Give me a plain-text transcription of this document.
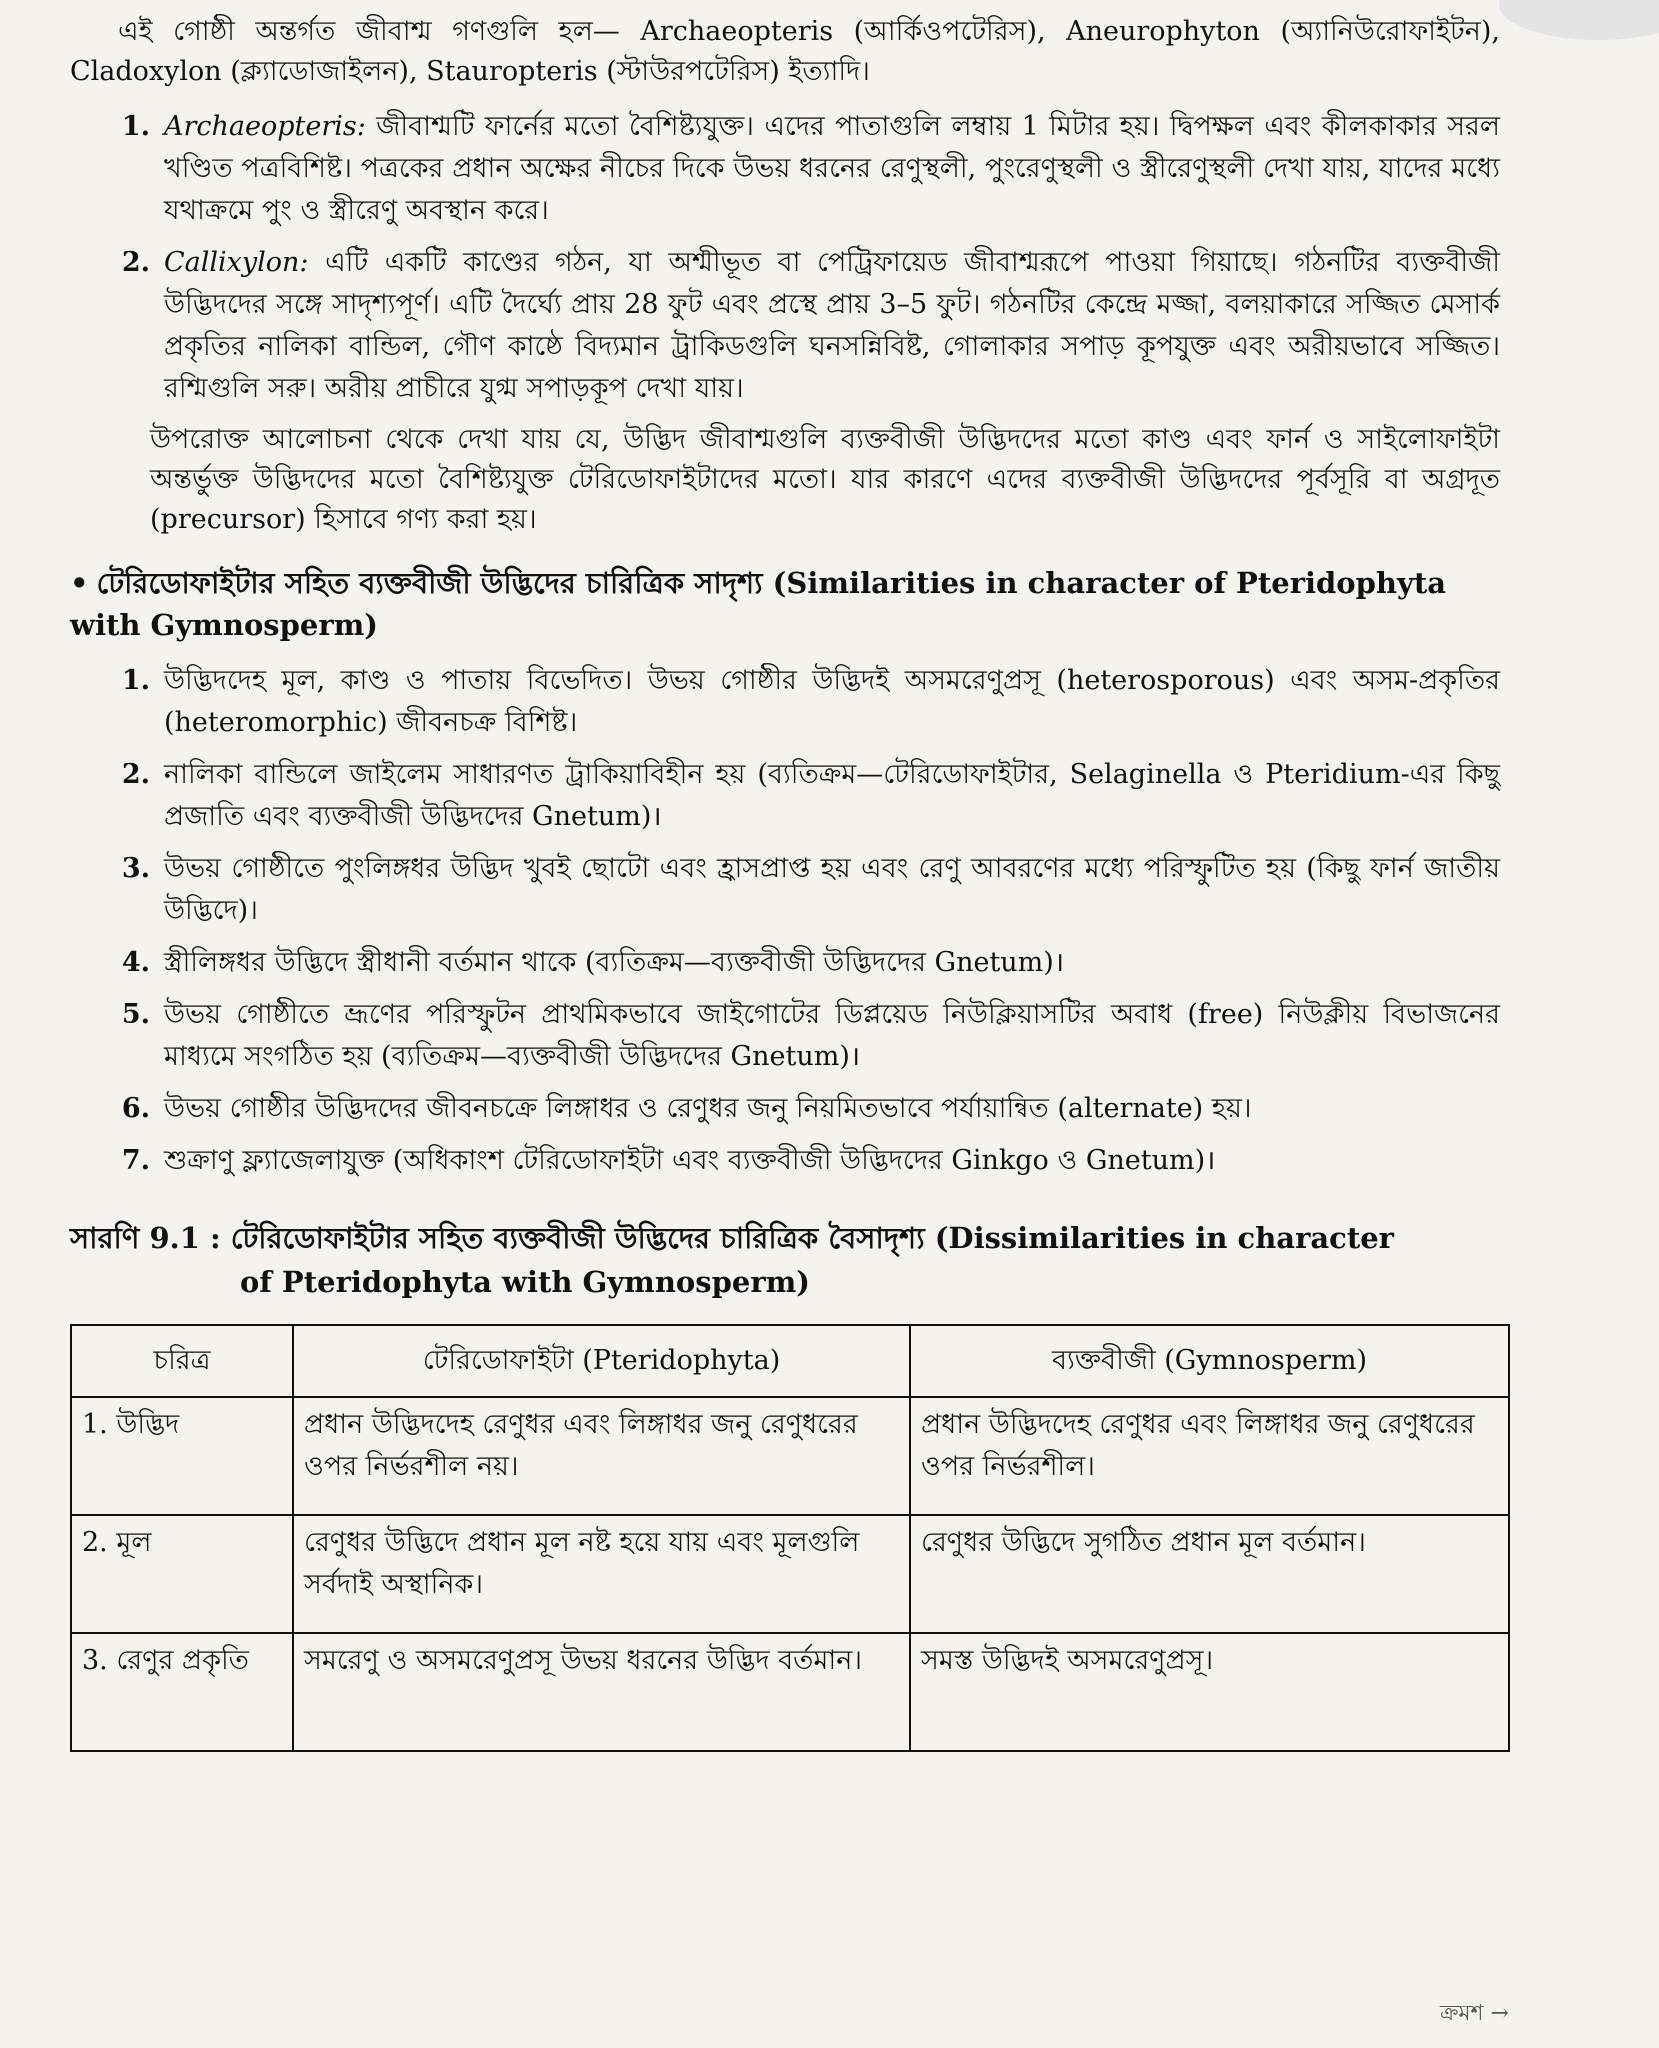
এই গোষ্ঠী অন্তর্গত জীবাশ্ম গণগুলি হল— Archaeopteris (আর্কিওপটেরিস), Aneurophyton (অ্যানিউরোফাইটন), Cladoxylon (ক্ল্যাডোজাইলন), Stauropteris (স্টাউরপটেরিস) ইত্যাদি।

1. Archaeopteris: জীবাশ্মটি ফার্নের মতো বৈশিষ্ট্যযুক্ত। এদের পাতাগুলি লম্বায় 1 মিটার হয়। দ্বিপক্ষল এবং কীলকাকার সরল খণ্ডিত পত্রবিশিষ্ট। পত্রকের প্রধান অক্ষের নীচের দিকে উভয় ধরনের রেণুস্থলী, পুংরেণুস্থলী ও স্ত্রীরেণুস্থলী দেখা যায়, যাদের মধ্যে যথাক্রমে পুং ও স্ত্রীরেণু অবস্থান করে।
2. Callixylon: এটি একটি কাণ্ডের গঠন, যা অশ্মীভূত বা পেট্রিফায়েড জীবাশ্মরূপে পাওয়া গিয়াছে। গঠনটির ব্যক্তবীজী উদ্ভিদদের সঙ্গে সাদৃশ্যপূর্ণ। এটি দৈর্ঘ্যে প্রায় 28 ফুট এবং প্রস্থে প্রায় 3–5 ফুট। গঠনটির কেন্দ্রে মজ্জা, বলয়াকারে সজ্জিত মেসার্ক প্রকৃতির নালিকা বান্ডিল, গৌণ কাষ্ঠে বিদ্যমান ট্রাকিডগুলি ঘনসন্নিবিষ্ট, গোলাকার সপাড় কূপযুক্ত এবং অরীয়ভাবে সজ্জিত। রশ্মিগুলি সরু। অরীয় প্রাচীরে যুগ্ম সপাড়কূপ দেখা যায়।

উপরোক্ত আলোচনা থেকে দেখা যায় যে, উদ্ভিদ জীবাশ্মগুলি ব্যক্তবীজী উদ্ভিদদের মতো কাণ্ড এবং ফার্ন ও সাইলোফাইটা অন্তর্ভুক্ত উদ্ভিদদের মতো বৈশিষ্ট্যযুক্ত টেরিডোফাইটাদের মতো। যার কারণে এদের ব্যক্তবীজী উদ্ভিদদের পূর্বসূরি বা অগ্রদূত (precursor) হিসাবে গণ্য করা হয়।

• টেরিডোফাইটার সহিত ব্যক্তবীজী উদ্ভিদের চারিত্রিক সাদৃশ্য (Similarities in character of Pteridophyta with Gymnosperm)
1. উদ্ভিদদেহ মূল, কাণ্ড ও পাতায় বিভেদিত। উভয় গোষ্ঠীর উদ্ভিদই অসমরেণুপ্রসূ (heterosporous) এবং অসম-প্রকৃতির (heteromorphic) জীবনচক্র বিশিষ্ট।
2. নালিকা বান্ডিলে জাইলেম সাধারণত ট্রাকিয়াবিহীন হয় (ব্যতিক্রম—টেরিডোফাইটার, Selaginella ও Pteridium-এর কিছু প্রজাতি এবং ব্যক্তবীজী উদ্ভিদদের Gnetum)।
3. উভয় গোষ্ঠীতে পুংলিঙ্গধর উদ্ভিদ খুবই ছোটো এবং হ্রাসপ্রাপ্ত হয় এবং রেণু আবরণের মধ্যে পরিস্ফুটিত হয় (কিছু ফার্ন জাতীয় উদ্ভিদে)।
4. স্ত্রীলিঙ্গধর উদ্ভিদে স্ত্রীধানী বর্তমান থাকে (ব্যতিক্রম—ব্যক্তবীজী উদ্ভিদদের Gnetum)।
5. উভয় গোষ্ঠীতে ভ্রূণের পরিস্ফুটন প্রাথমিকভাবে জাইগোটের ডিপ্লয়েড নিউক্লিয়াসটির অবাধ (free) নিউক্লীয় বিভাজনের মাধ্যমে সংগঠিত হয় (ব্যতিক্রম—ব্যক্তবীজী উদ্ভিদদের Gnetum)।
6. উভয় গোষ্ঠীর উদ্ভিদদের জীবনচক্রে লিঙ্গাধর ও রেণুধর জনু নিয়মিতভাবে পর্যায়ান্বিত (alternate) হয়।
7. শুক্রাণু ফ্ল্যাজেলাযুক্ত (অধিকাংশ টেরিডোফাইটা এবং ব্যক্তবীজী উদ্ভিদদের Ginkgo ও Gnetum)।
সারণি 9.1 : টেরিডোফাইটার সহিত ব্যক্তবীজী উদ্ভিদের চারিত্রিক বৈসাদৃশ্য (Dissimilarities in character
of Pteridophyta with Gymnosperm)
চরিত্র	টেরিডোফাইটা (Pteridophyta)	ব্যক্তবীজী (Gymnosperm)
1. উদ্ভিদ	প্রধান উদ্ভিদদেহ রেণুধর এবং লিঙ্গাধর জনু রেণুধরের ওপর নির্ভরশীল নয়।	প্রধান উদ্ভিদদেহ রেণুধর এবং লিঙ্গাধর জনু রেণুধরের ওপর নির্ভরশীল।
2. মূল	রেণুধর উদ্ভিদে প্রধান মূল নষ্ট হয়ে যায় এবং মূলগুলি সর্বদাই অস্থানিক।	রেণুধর উদ্ভিদে সুগঠিত প্রধান মূল বর্তমান।
3. রেণুর প্রকৃতি	সমরেণু ও অসমরেণুপ্রসূ উভয় ধরনের উদ্ভিদ বর্তমান।	সমস্ত উদ্ভিদই অসমরেণুপ্রসূ।
ক্রমশ →
